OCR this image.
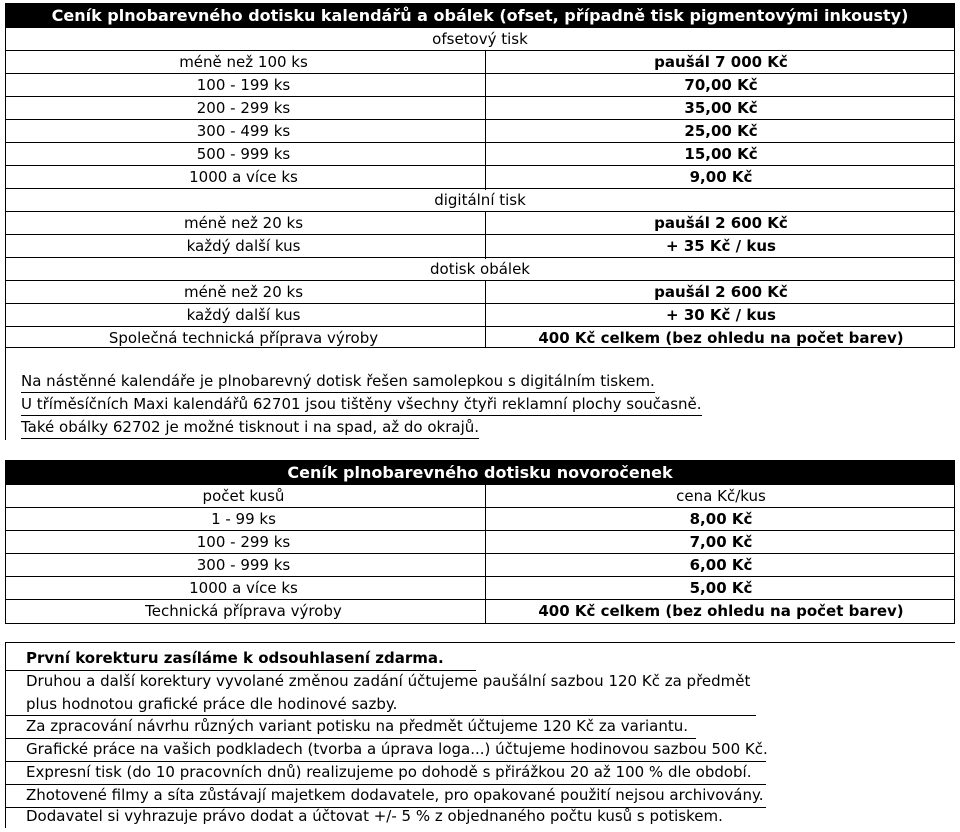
Ceník plnobarevného dotisku kalendářů a obálek (ofset, případně tisk pigmentovými inkousty)
ofsetový tisk
méně než 100 ks	paušál 7 000 Kč
100 - 199 ks	70,00 Kč
200 - 299 ks	35,00 Kč
300 - 499 ks	25,00 Kč
500 - 999 ks	15,00 Kč
1000 a více ks	9,00 Kč
digitální tisk
méně než 20 ks	paušál 2 600 Kč
každý další kus	+ 35 Kč / kus
dotisk obálek
méně než 20 ks	paušál 2 600 Kč
každý další kus	+ 30 Kč / kus
Společná technická příprava výroby	400 Kč celkem (bez ohledu na počet barev)
Na nástěnné kalendáře je plnobarevný dotisk řešen samolepkou s digitálním tiskem.
U tříměsíčních Maxi kalendářů 62701 jsou tištěny všechny čtyři reklamní plochy současně.
Také obálky 62702 je možné tisknout i na spad, až do okrajů.
Ceník plnobarevného dotisku novoročenek
počet kusů	cena Kč/kus
1 - 99 ks	8,00 Kč
100 - 299 ks	7,00 Kč
300 - 999 ks	6,00 Kč
1000 a více ks	5,00 Kč
Technická příprava výroby	400 Kč celkem (bez ohledu na počet barev)
První korekturu zasíláme k odsouhlasení zdarma.
Druhou a další korektury vyvolané změnou zadání účtujeme paušální sazbou 120 Kč za předmět
plus hodnotou grafické práce dle hodinové sazby.
Za zpracování návrhu různých variant potisku na předmět účtujeme 120 Kč za variantu.
Grafické práce na vašich podkladech (tvorba a úprava loga...) účtujeme hodinovou sazbou 500 Kč.
Expresní tisk (do 10 pracovních dnů) realizujeme po dohodě s přirážkou 20 až 100 % dle období.
Zhotovené filmy a síta zůstávají majetkem dodavatele, pro opakované použití nejsou archivovány.
Dodavatel si vyhrazuje právo dodat a účtovat +/- 5 % z objednaného počtu kusů s potiskem.
